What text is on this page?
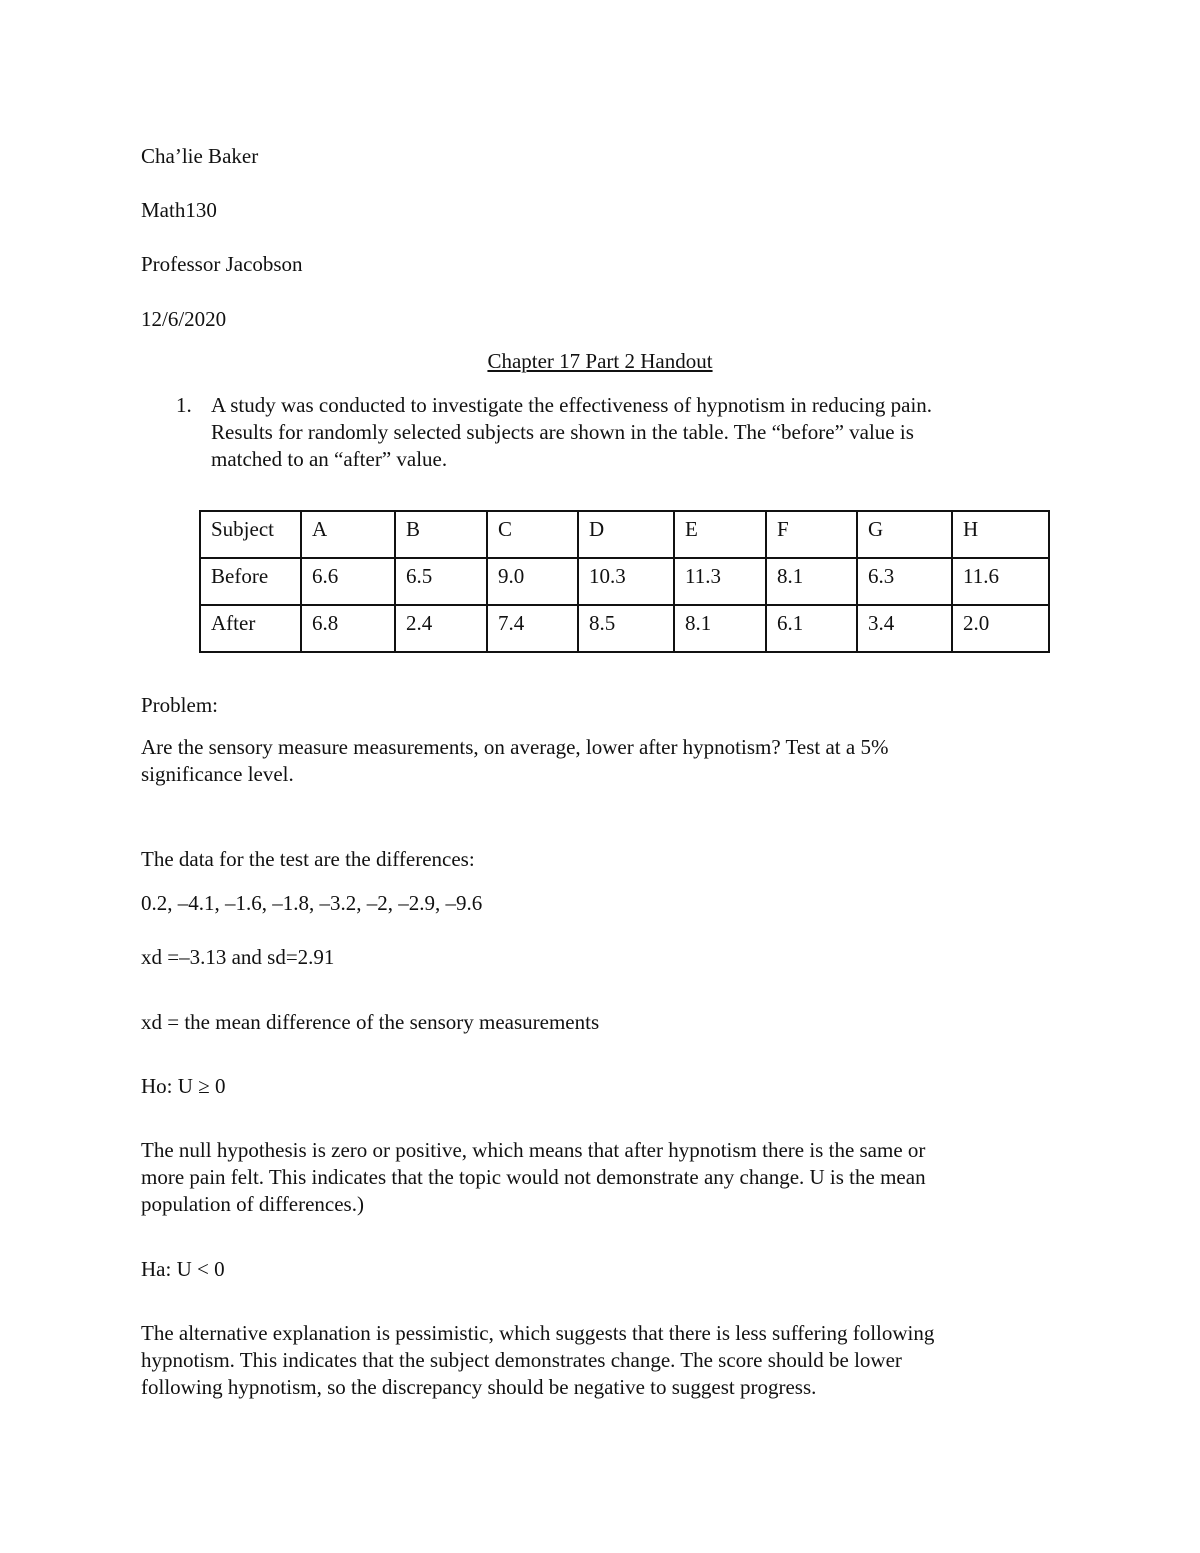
Cha’lie Baker
Math130
Professor Jacobson
12/6/2020
Chapter 17 Part 2 Handout
1. A study was conducted to investigate the effectiveness of hypnotism in reducing pain.
Results for randomly selected subjects are shown in the table. The “before” value is
matched to an “after” value.
Subject	A	B	C	D	E	F	G	H
Before	6.6	6.5	9.0	10.3	11.3	8.1	6.3	11.6
After	6.8	2.4	7.4	8.5	8.1	6.1	3.4	2.0
Problem:
Are the sensory measure measurements, on average, lower after hypnotism? Test at a 5%
significance level.
The data for the test are the differences:
0.2, –4.1, –1.6, –1.8, –3.2, –2, –2.9, –9.6
xd =–3.13 and sd=2.91
xd = the mean difference of the sensory measurements
Ho: U ≥ 0
The null hypothesis is zero or positive, which means that after hypnotism there is the same or
more pain felt. This indicates that the topic would not demonstrate any change. U is the mean
population of differences.)
Ha: U < 0
The alternative explanation is pessimistic, which suggests that there is less suffering following
hypnotism. This indicates that the subject demonstrates change. The score should be lower
following hypnotism, so the discrepancy should be negative to suggest progress.
